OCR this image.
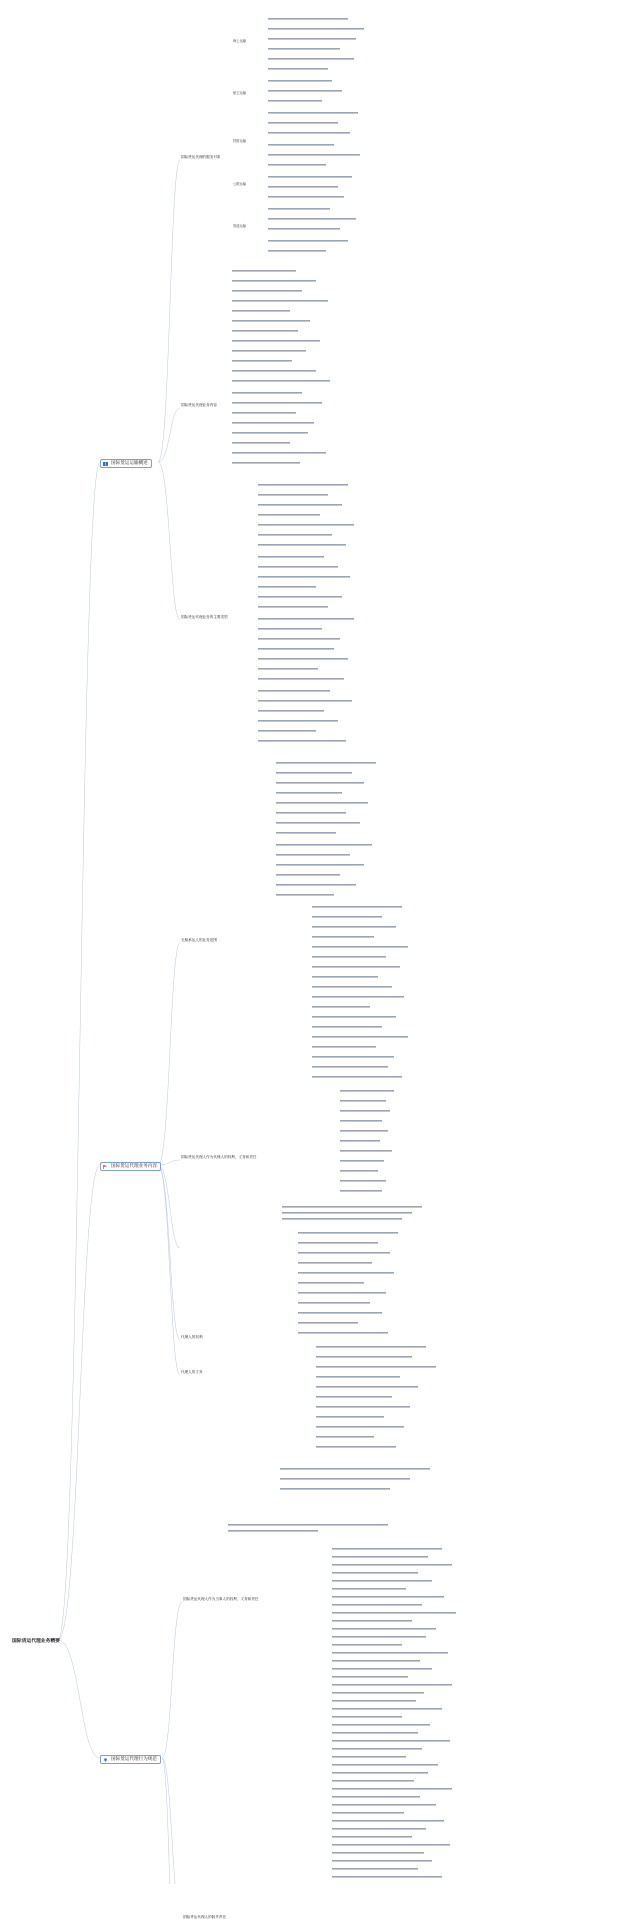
国际货运代理业务精要
国际货运运输概述
国际货运代理业务内容
国际货运代理行为规范
国际货运代理的服务对象
海上运输
航空运输
铁路运输
公路运输
管道运输
国际货运代理业务内容
国际货运代理业务的主要类型
无船承运人的业务范围
国际货运代理人作为代理人的权利、义务和责任
代理人的权利
代理人的义务
国际货运代理人作为当事人的权利、义务和责任
国际货运代理人的除外责任
